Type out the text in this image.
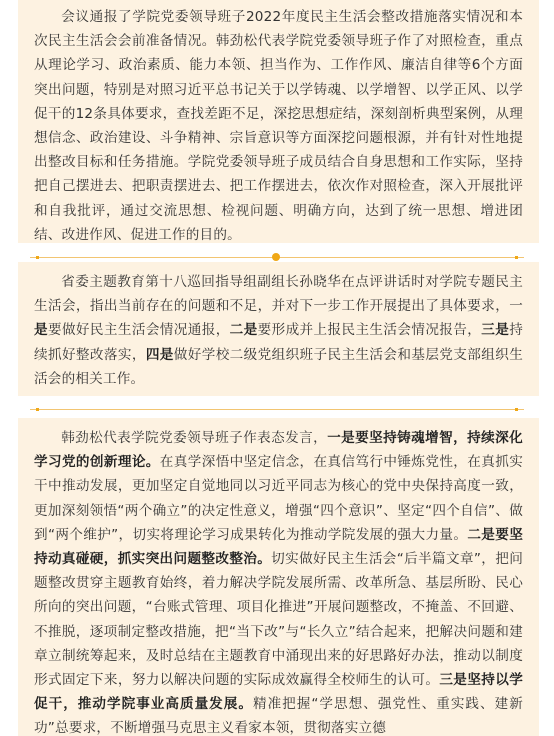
会议通报了学院党委领导班子2022年度民主生活会整改措施落实情况和本次民主生活会会前准备情况。韩劲松代表学院党委领导班子作了对照检查，重点从理论学习、政治素质、能力本领、担当作为、工作作风、廉洁自律等6个方面突出问题，特别是对照习近平总书记关于以学铸魂、以学增智、以学正风、以学促干的12条具体要求，查找差距不足，深挖思想症结，深刻剖析典型案例，从理想信念、政治建设、斗争精神、宗旨意识等方面深挖问题根源，并有针对性地提出整改目标和任务措施。学院党委领导班子成员结合自身思想和工作实际，坚持把自己摆进去、把职责摆进去、把工作摆进去，依次作对照检查，深入开展批评和自我批评，通过交流思想、检视问题、明确方向，达到了统一思想、增进团结、改进作风、促进工作的目的。

省委主题教育第十八巡回指导组副组长孙晓华在点评讲话时对学院专题民主生活会，指出当前存在的问题和不足，并对下一步工作开展提出了具体要求，一是要做好民主生活会情况通报，二是要形成并上报民主生活会情况报告，三是持续抓好整改落实，四是做好学校二级党组织班子民主生活会和基层党支部组织生活会的相关工作。

韩劲松代表学院党委领导班子作表态发言，一是要坚持铸魂增智，持续深化学习党的创新理论。在真学深悟中坚定信念，在真信笃行中锤炼党性，在真抓实干中推动发展，更加坚定自觉地同以习近平同志为核心的党中央保持高度一致，更加深刻领悟“两个确立”的决定性意义，增强“四个意识”、坚定“四个自信”、做到“两个维护”，切实将理论学习成果转化为推动学院发展的强大力量。二是要坚持动真碰硬，抓实突出问题整改整治。切实做好民主生活会“后半篇文章”，把问题整改贯穿主题教育始终，着力解决学院发展所需、改革所急、基层所盼、民心所向的突出问题，“台账式管理、项目化推进”开展问题整改，不掩盖、不回避、不推脱，逐项制定整改措施，把“当下改”与“长久立”结合起来，把解决问题和建章立制统筹起来，及时总结在主题教育中涌现出来的好思路好办法，推动以制度形式固定下来，努力以解决问题的实际成效赢得全校师生的认可。三是坚持以学促干，推动学院事业高质量发展。精准把握“学思想、强党性、重实践、建新功”总要求，不断增强马克思主义看家本领，贯彻落实立德
